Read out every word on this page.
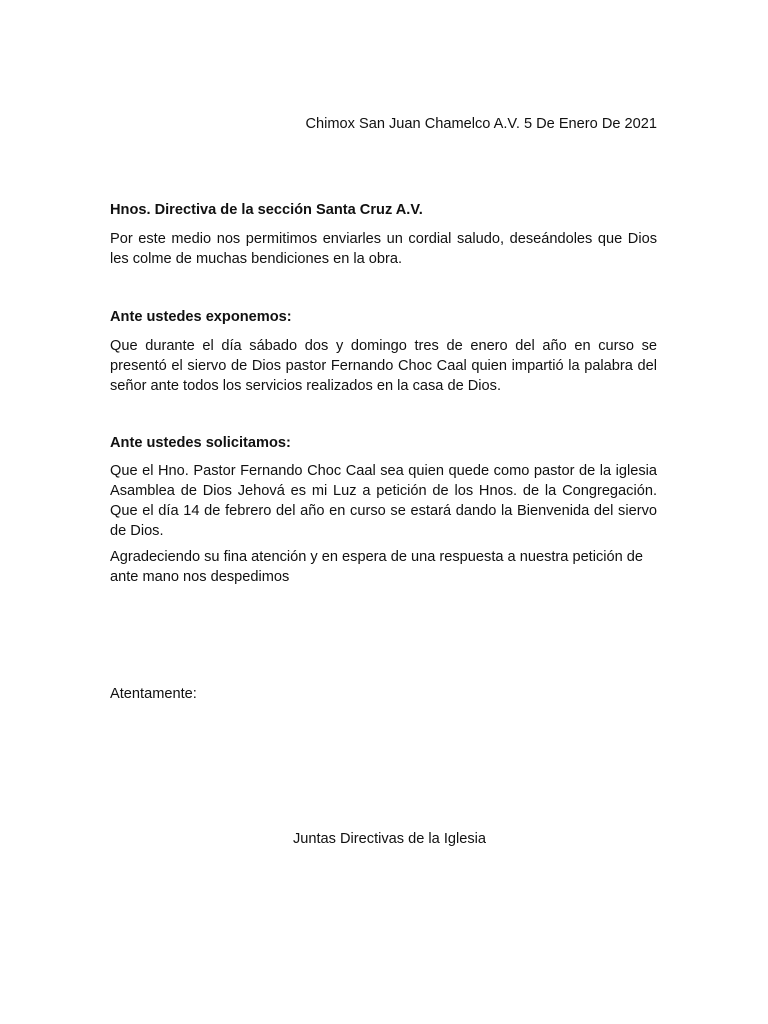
Chimox San Juan Chamelco A.V. 5 De Enero De 2021

Hnos. Directiva de la sección Santa Cruz A.V.

Por este medio nos permitimos enviarles un cordial saludo, deseándoles que Dios les colme de muchas bendiciones en la obra.

Ante ustedes exponemos:

Que durante el día sábado dos y domingo tres de enero del año en curso se presentó el siervo de Dios pastor Fernando Choc Caal quien impartió la palabra del señor ante todos los servicios realizados en la casa de Dios.

Ante ustedes solicitamos:

Que el Hno. Pastor Fernando Choc Caal sea quien quede como pastor de la iglesia Asamblea de Dios Jehová es mi Luz a petición de los Hnos. de la Congregación. Que el día 14 de febrero del año en curso se estará dando la Bienvenida del siervo de Dios.

Agradeciendo su fina atención y en espera de una respuesta a nuestra petición de ante mano nos despedimos

Atentamente:

Juntas Directivas de la Iglesia
